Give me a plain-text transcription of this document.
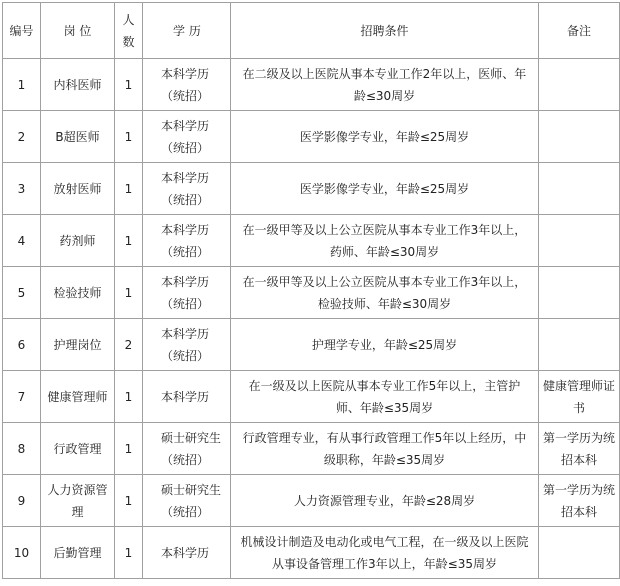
编号	岗 位	人数	学 历	招聘条件	备注
1	内科医师	1	本科学历（统招）	在二级及以上医院从事本专业工作2年以上，医师、年龄≤30周岁	
2	B超医师	1	本科学历（统招）	医学影像学专业，年龄≤25周岁	
3	放射医师	1	本科学历（统招）	医学影像学专业，年龄≤25周岁	
4	药剂师	1	本科学历（统招）	在一级甲等及以上公立医院从事本专业工作3年以上，药师、年龄≤30周岁	
5	检验技师	1	本科学历（统招）	在一级甲等及以上公立医院从事本专业工作3年以上，检验技师、年龄≤30周岁	
6	护理岗位	2	本科学历（统招）	护理学专业，年龄≤25周岁	
7	健康管理师	1	本科学历	在一级及以上医院从事本专业工作5年以上，主管护师、年龄≤35周岁	健康管理师证书
8	行政管理	1	硕士研究生（统招）	行政管理专业，有从事行政管理工作5年以上经历，中级职称，年龄≤35周岁	第一学历为统招本科
9	人力资源管理	1	硕士研究生（统招）	人力资源管理专业，年龄≤28周岁	第一学历为统招本科
10	后勤管理	1	本科学历	机械设计制造及电动化或电气工程，在一级及以上医院从事设备管理工作3年以上，年龄≤35周岁	
